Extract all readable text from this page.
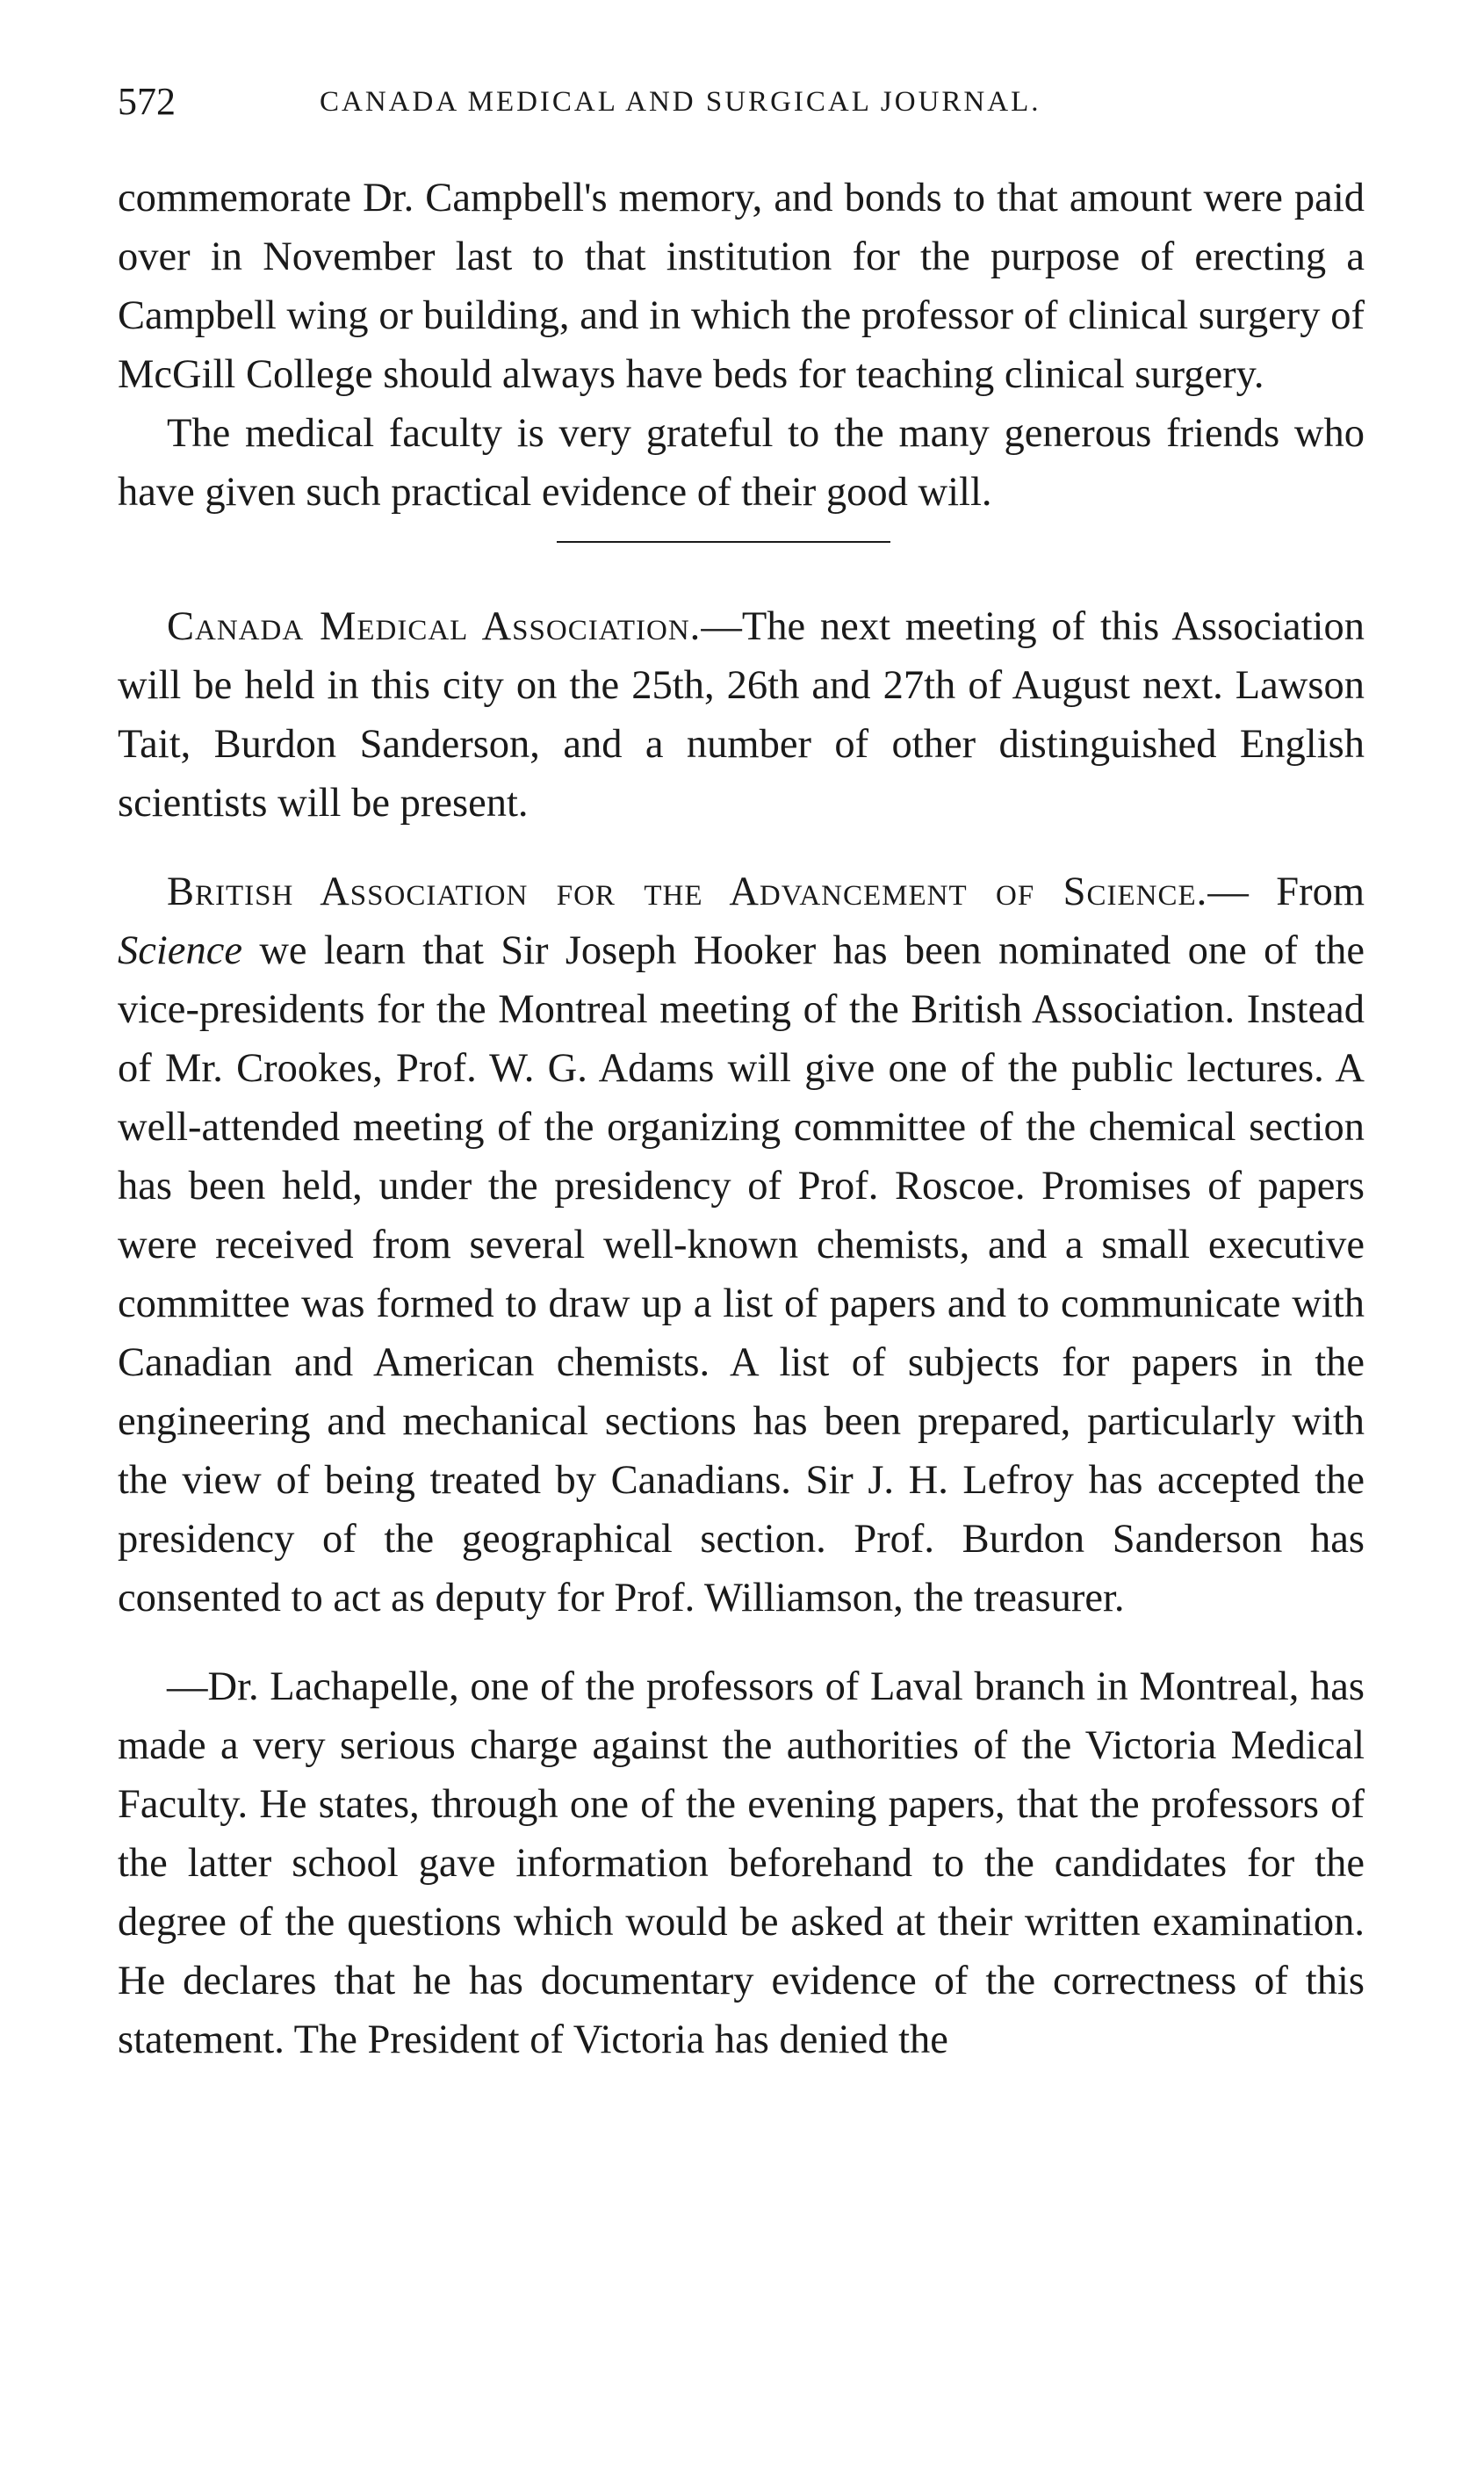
572	CANADA MEDICAL AND SURGICAL JOURNAL.

commemorate Dr. Campbell's memory, and bonds to that amount were paid over in November last to that institution for the purpose of erecting a Campbell wing or building, and in which the professor of clinical surgery of McGill College should always have beds for teaching clinical surgery.

The medical faculty is very grateful to the many generous friends who have given such practical evidence of their good will.

Canada Medical Association.—The next meeting of this Association will be held in this city on the 25th, 26th and 27th of August next. Lawson Tait, Burdon Sanderson, and a number of other distinguished English scientists will be present.

British Association for the Advancement of Science.— From Science we learn that Sir Joseph Hooker has been nominated one of the vice-presidents for the Montreal meeting of the British Association. Instead of Mr. Crookes, Prof. W. G. Adams will give one of the public lectures. A well-attended meeting of the organizing committee of the chemical section has been held, under the presidency of Prof. Roscoe. Promises of papers were received from several well-known chemists, and a small executive committee was formed to draw up a list of papers and to communicate with Canadian and American chemists. A list of subjects for papers in the engineering and mechanical sections has been prepared, particularly with the view of being treated by Canadians. Sir J. H. Lefroy has accepted the presidency of the geographical section. Prof. Burdon Sanderson has consented to act as deputy for Prof. Williamson, the treasurer.

—Dr. Lachapelle, one of the professors of Laval branch in Montreal, has made a very serious charge against the authorities of the Victoria Medical Faculty. He states, through one of the evening papers, that the professors of the latter school gave information beforehand to the candidates for the degree of the questions which would be asked at their written examination. He declares that he has documentary evidence of the correctness of this statement. The President of Victoria has denied the
